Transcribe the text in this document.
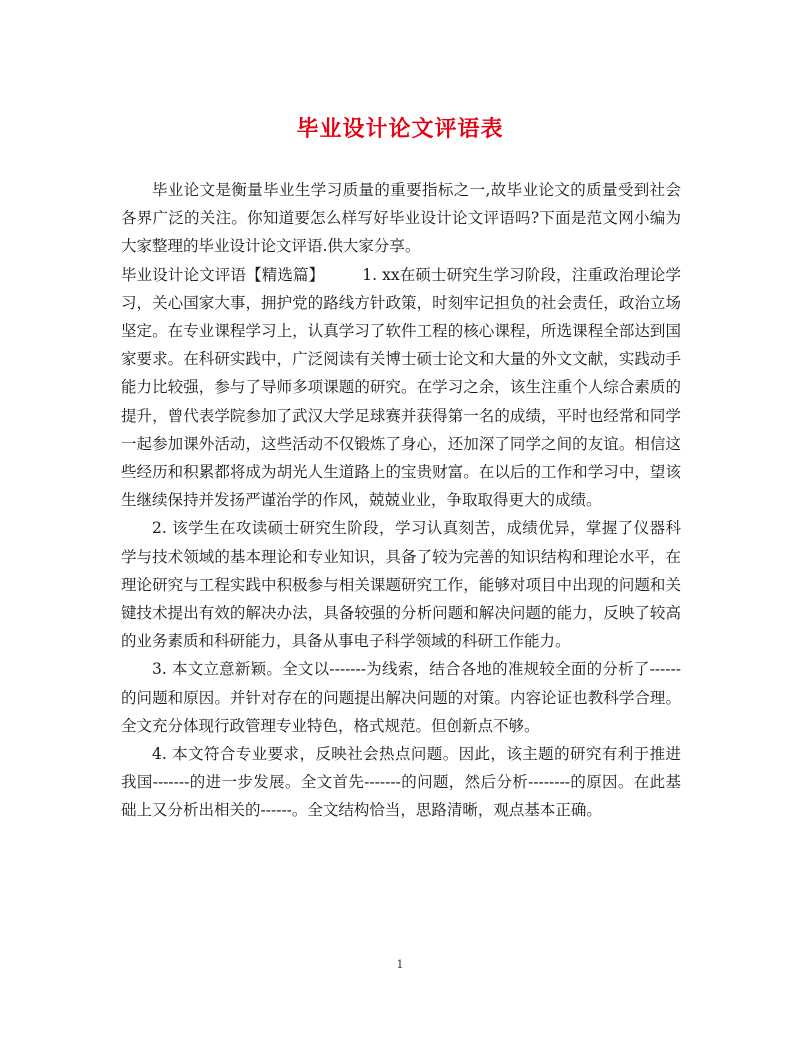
毕业设计论文评语表

毕业论文是衡量毕业生学习质量的重要指标之一,故毕业论文的质量受到社会各界广泛的关注。你知道要怎么样写好毕业设计论文评语吗?下面是范文网小编为大家整理的毕业设计论文评语.供大家分享。

毕业设计论文评语【精选篇】 1. xx在硕士研究生学习阶段，注重政治理论学习，关心国家大事，拥护党的路线方针政策，时刻牢记担负的社会责任，政治立场坚定。在专业课程学习上，认真学习了软件工程的核心课程，所选课程全部达到国家要求。在科研实践中，广泛阅读有关博士硕士论文和大量的外文文献，实践动手能力比较强，参与了导师多项课题的研究。在学习之余，该生注重个人综合素质的提升，曾代表学院参加了武汉大学足球赛并获得第一名的成绩，平时也经常和同学一起参加课外活动，这些活动不仅锻炼了身心，还加深了同学之间的友谊。相信这些经历和积累都将成为胡光人生道路上的宝贵财富。在以后的工作和学习中，望该生继续保持并发扬严谨治学的作风，兢兢业业，争取取得更大的成绩。

2. 该学生在攻读硕士研究生阶段，学习认真刻苦，成绩优异，掌握了仪器科学与技术领域的基本理论和专业知识，具备了较为完善的知识结构和理论水平，在理论研究与工程实践中积极参与相关课题研究工作，能够对项目中出现的问题和关键技术提出有效的解决办法，具备较强的分析问题和解决问题的能力，反映了较高的业务素质和科研能力，具备从事电子科学领域的科研工作能力。

3. 本文立意新颖。全文以-------为线索，结合各地的准规较全面的分析了------的问题和原因。并针对存在的问题提出解决问题的对策。内容论证也教科学合理。全文充分体现行政管理专业特色，格式规范。但创新点不够。

4. 本文符合专业要求，反映社会热点问题。因此，该主题的研究有利于推进我国-------的进一步发展。全文首先-------的问题，然后分析--------的原因。在此基础上又分析出相关的------。全文结构恰当，思路清晰，观点基本正确。

1
